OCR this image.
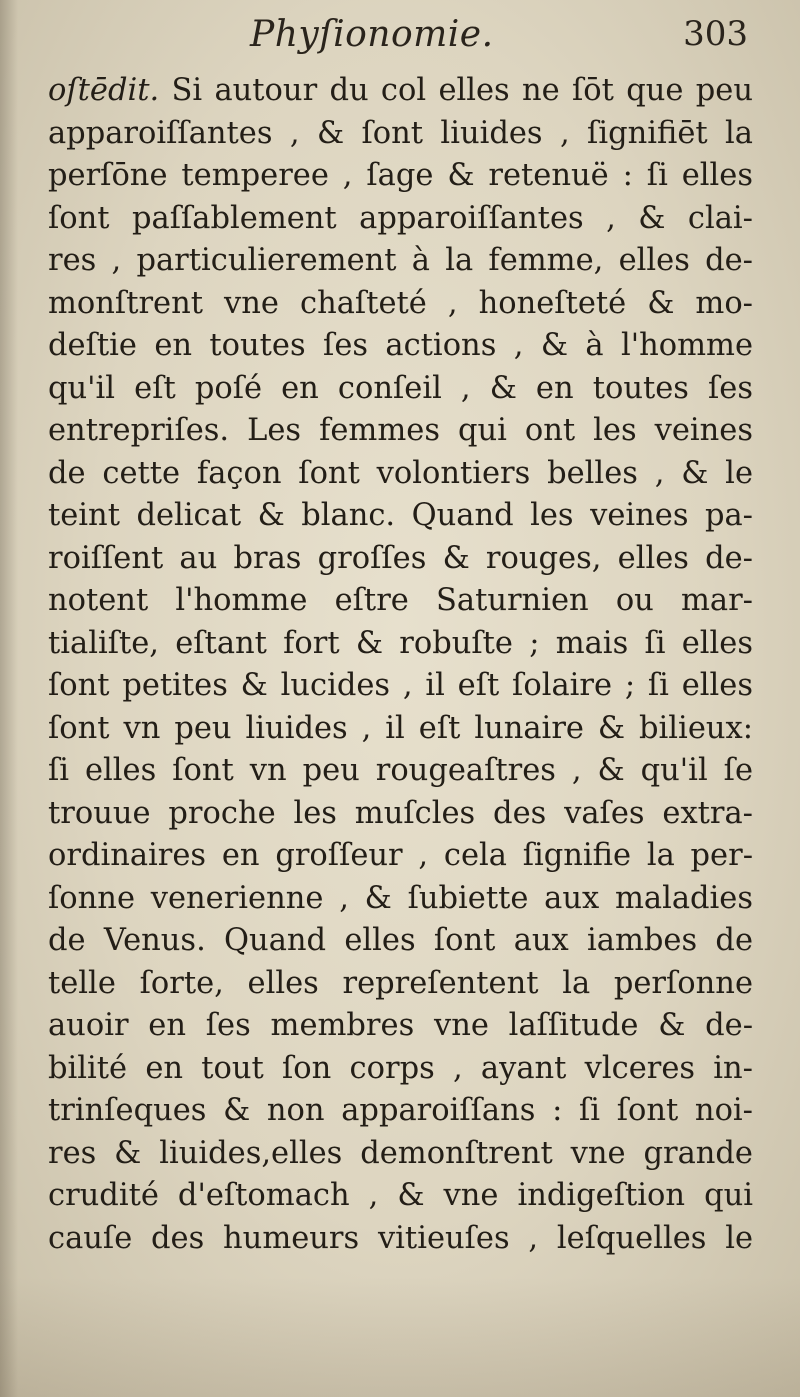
Phyſionomie.	303
oſtēdit. Si autour du col elles ne ſōt que peu
apparoiſſantes , & ſont liuides , ſignifiēt la
perſōne temperee , ſage & retenuë : ſi elles
ſont paſſablement apparoiſſantes , & clai-
res , particulierement à la femme, elles de-
monſtrent vne chaſteté , honeſteté & mo-
deſtie en toutes ſes actions , & à l'homme
qu'il eſt poſé en conſeil , & en toutes ſes
entrepriſes. Les femmes qui ont les veines
de cette façon ſont volontiers belles , & le
teint delicat & blanc. Quand les veines pa-
roiſſent au bras groſſes & rouges, elles de-
notent l'homme eſtre Saturnien ou mar-
tialiſte, eſtant fort & robuſte ; mais ſi elles
ſont petites & lucides , il eſt ſolaire ; ſi elles
ſont vn peu liuides , il eſt lunaire & bilieux:
ſi elles ſont vn peu rougeaſtres , & qu'il ſe
trouue proche les muſcles des vaſes extra-
ordinaires en groſſeur , cela ſignifie la per-
ſonne venerienne , & ſubiette aux maladies
de Venus. Quand elles ſont aux iambes de
telle ſorte, elles repreſentent la perſonne
auoir en ſes membres vne laſſitude & de-
bilité en tout ſon corps , ayant vlceres in-
trinſeques & non apparoiſſans : ſi ſont noi-
res & liuides,elles demonſtrent vne grande
crudité d'eſtomach , & vne indigeſtion qui
cauſe des humeurs vitieuſes , leſquelles le
